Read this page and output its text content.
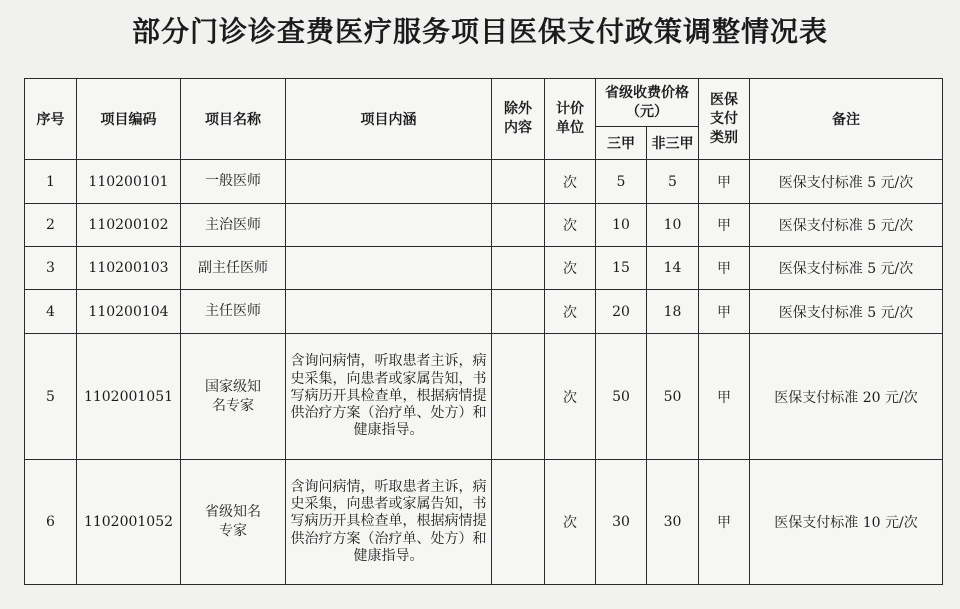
部分门诊诊查费医疗服务项目医保支付政策调整情况表
序号	项目编码	项目名称	项目内涵	除外内容	计价单位	省级收费价格（元）		医保支付类别	备注
						三甲	非三甲		
1	110200101	一般医师			次	5	5	甲	医保支付标准 5 元/次
2	110200102	主治医师			次	10	10	甲	医保支付标准 5 元/次
3	110200103	副主任医师			次	15	14	甲	医保支付标准 5 元/次
4	110200104	主任医师			次	20	18	甲	医保支付标准 5 元/次
5	1102001051	国家级知名专家	含询问病情，听取患者主诉，病史采集，向患者或家属告知，书写病历开具检查单，根据病情提供治疗方案（治疗单、处方）和健康指导。		次	50	50	甲	医保支付标准 20 元/次
6	1102001052	省级知名专家	含询问病情，听取患者主诉，病史采集，向患者或家属告知，书写病历开具检查单，根据病情提供治疗方案（治疗单、处方）和健康指导。		次	30	30	甲	医保支付标准 10 元/次
